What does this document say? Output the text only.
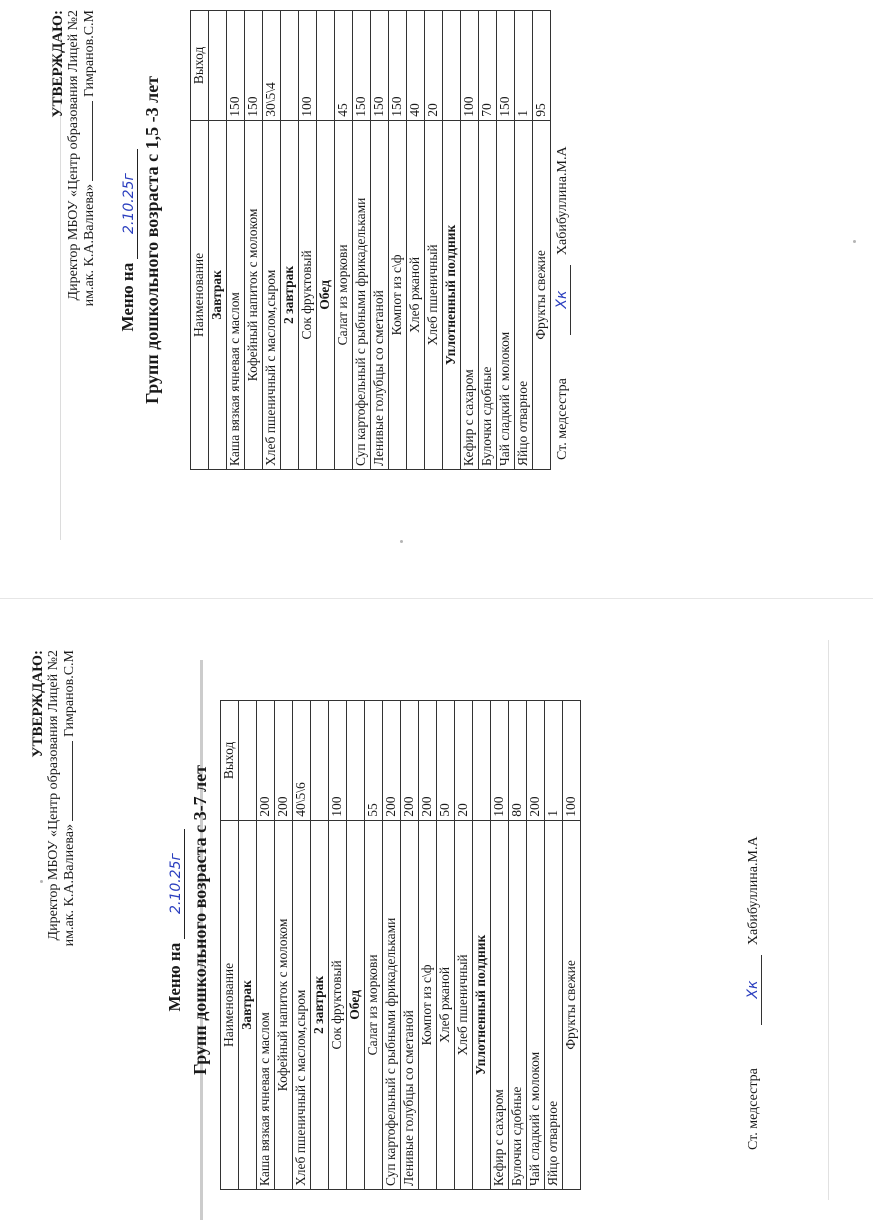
УТВЕРЖДАЮ: Директор МБОУ «Центр образования Лицей №2 им.ак. К.А.Валиева»  Гимранов.С.М
Меню на 2.10.25г Групп дошкольного возраста с 1,5 -3 лет Наименование	Выход
Завтрак	
Каша вязкая ячневая с маслом	150
Кофейный напиток с молоком	150
Хлеб пшеничный с маслом,сыром	30\5\4
2 завтрак	
Сок фруктовый	100
Обед	
Салат из моркови	45
Суп картофельный с рыбными фрикадельками	150
Ленивые голубцы со сметаной	150
Компот из с\ф	150
Хлеб ржаной	40
Хлеб пшеничный	20
Уплотненный полдник	
Кефир с сахаром	100
Булочки сдобные	70
Чай сладкий с молоком	150
Яйцо отварное	1
Фрукты свежие	95
Ст. медсестра Хк Хабибуллина.М.А
УТВЕРЖДАЮ: Директор МБОУ «Центр образования Лицей №2 им.ак. К.А.Валиева»  Гимранов.С.М
Меню на 2.10.25г Групп дошкольного возраста с 3-7 лет Наименование	Выход
Завтрак	
Каша вязкая ячневая с маслом	200
Кофейный напиток с молоком	200
Хлеб пшеничный с маслом,сыром	40\5\6
2 завтрак	
Сок фруктовый	100
Обед	
Салат из моркови	55
Суп картофельный с рыбными фрикадельками	200
Ленивые голубцы со сметаной	200
Компот из с\ф	200
Хлеб ржаной	50
Хлеб пшеничный	20
Уплотненный полдник	
Кефир с сахаром	100
Булочки сдобные	80
Чай сладкий с молоком	200
Яйцо отварное	1
Фрукты свежие	100
Ст. медсестра Хк Хабибуллина.М.А
